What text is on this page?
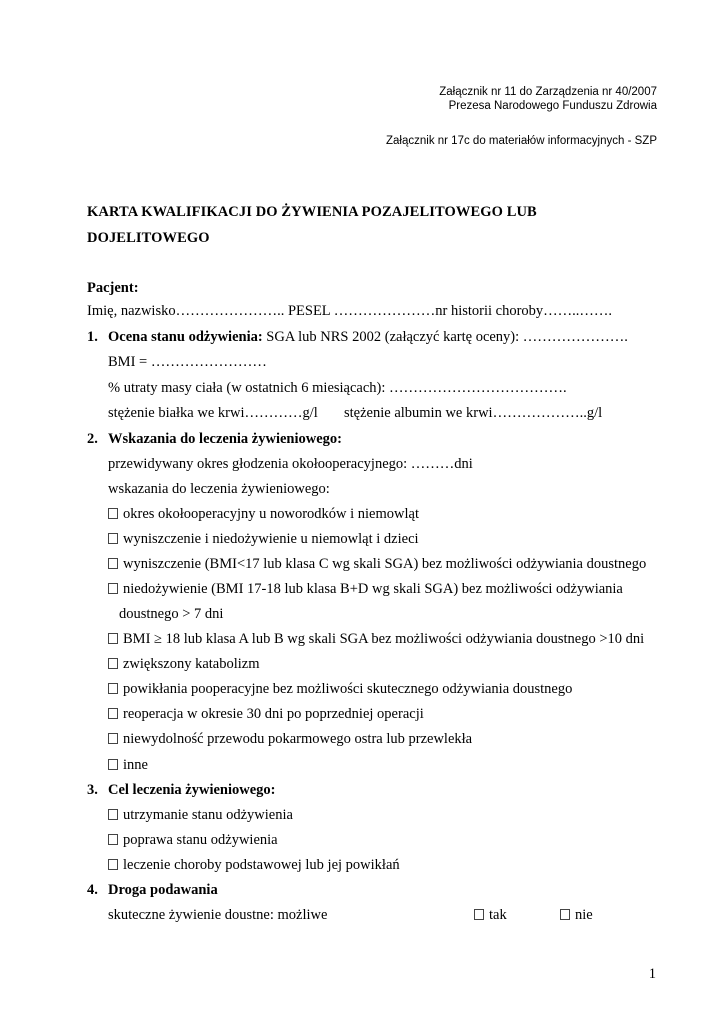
Załącznik nr 11 do Zarządzenia nr 40/2007
Prezesa Narodowego Funduszu Zdrowia
Załącznik nr 17c do materiałów informacyjnych - SZP
KARTA KWALIFIKACJI DO ŻYWIENIA POZAJELITOWEGO LUB
DOJELITOWEGO
Pacjent:
Imię, nazwisko………………….. PESEL …………………nr historii choroby……..…….
1. Ocena stanu odżywienia: SGA lub NRS 2002 (załączyć kartę oceny): ………………….
BMI = ……………………
% utraty masy ciała (w ostatnich 6 miesiącach): ……………………………….
stężenie białka we krwi…………g/l stężenie albumin we krwi………………..g/l
2. Wskazania do leczenia żywieniowego:
przewidywany okres głodzenia okołooperacyjnego: ………dni
wskazania do leczenia żywieniowego:
okres okołooperacyjny u noworodków i niemowląt
wyniszczenie i niedożywienie u niemowląt i dzieci
wyniszczenie (BMI<17 lub klasa C wg skali SGA) bez możliwości odżywiania doustnego
niedożywienie (BMI 17-18 lub klasa B+D wg skali SGA) bez możliwości odżywiania
doustnego > 7 dni
BMI ≥ 18 lub klasa A lub B wg skali SGA bez możliwości odżywiania doustnego >10 dni
zwiększony katabolizm
powikłania pooperacyjne bez możliwości skutecznego odżywiania doustnego
reoperacja w okresie 30 dni po poprzedniej operacji
niewydolność przewodu pokarmowego ostra lub przewlekła
inne
3. Cel leczenia żywieniowego:
utrzymanie stanu odżywienia
poprawa stanu odżywienia
leczenie choroby podstawowej lub jej powikłań
4. Droga podawania
skuteczne żywienie doustne: możliwe	tak	nie
1
